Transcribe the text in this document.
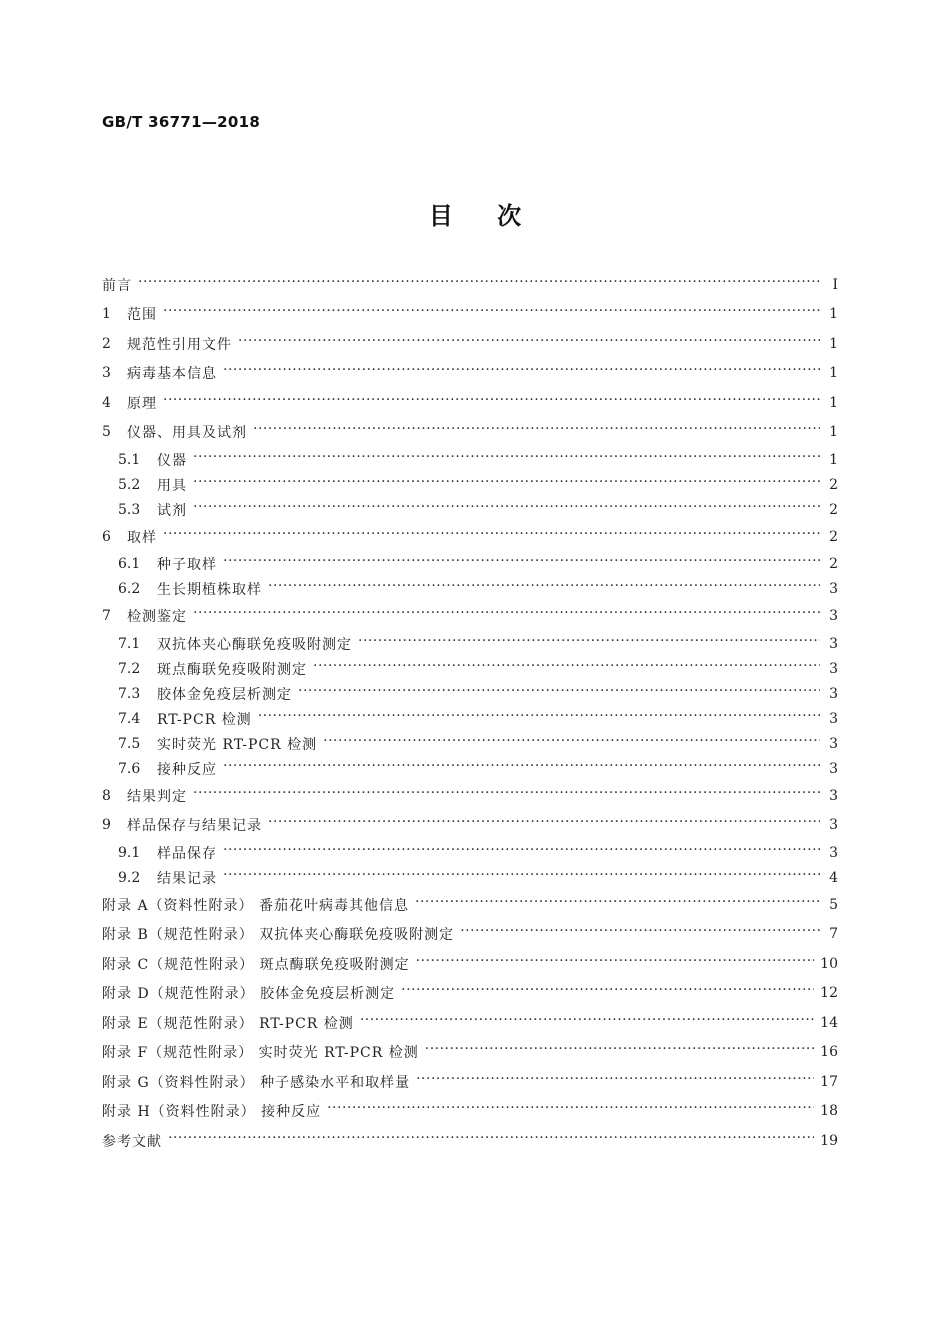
GB/T 36771—2018
目 次
前言 ·····	I
1	范围 ·····	1
2	规范性引用文件 ·····	1
3	病毒基本信息 ·····	1
4	原理 ·····	1
5	仪器、用具及试剂 ·····	1
5.1	仪器 ·····	1
5.2	用具 ·····	2
5.3	试剂 ·····	2
6	取样 ·····	2
6.1	种子取样 ·····	2
6.2	生长期植株取样 ·····	3
7	检测鉴定 ·····	3
7.1	双抗体夹心酶联免疫吸附测定 ·····	3
7.2	斑点酶联免疫吸附测定 ·····	3
7.3	胶体金免疫层析测定 ·····	3
7.4	RT-PCR 检测 ·····	3
7.5	实时荧光 RT-PCR 检测 ·····	3
7.6	接种反应 ·····	3
8	结果判定 ·····	3
9	样品保存与结果记录 ·····	3
9.1	样品保存 ·····	3
9.2	结果记录 ·····	4
附录 A（资料性附录） 番茄花叶病毒其他信息 ·····	5
附录 B（规范性附录） 双抗体夹心酶联免疫吸附测定 ·····	7
附录 C（规范性附录） 斑点酶联免疫吸附测定 ·····	10
附录 D（规范性附录） 胶体金免疫层析测定 ·····	12
附录 E（规范性附录） RT-PCR 检测 ·····	14
附录 F（规范性附录） 实时荧光 RT-PCR 检测 ·····	16
附录 G（资料性附录） 种子感染水平和取样量 ·····	17
附录 H（资料性附录） 接种反应 ·····	18
参考文献 ·····	19
